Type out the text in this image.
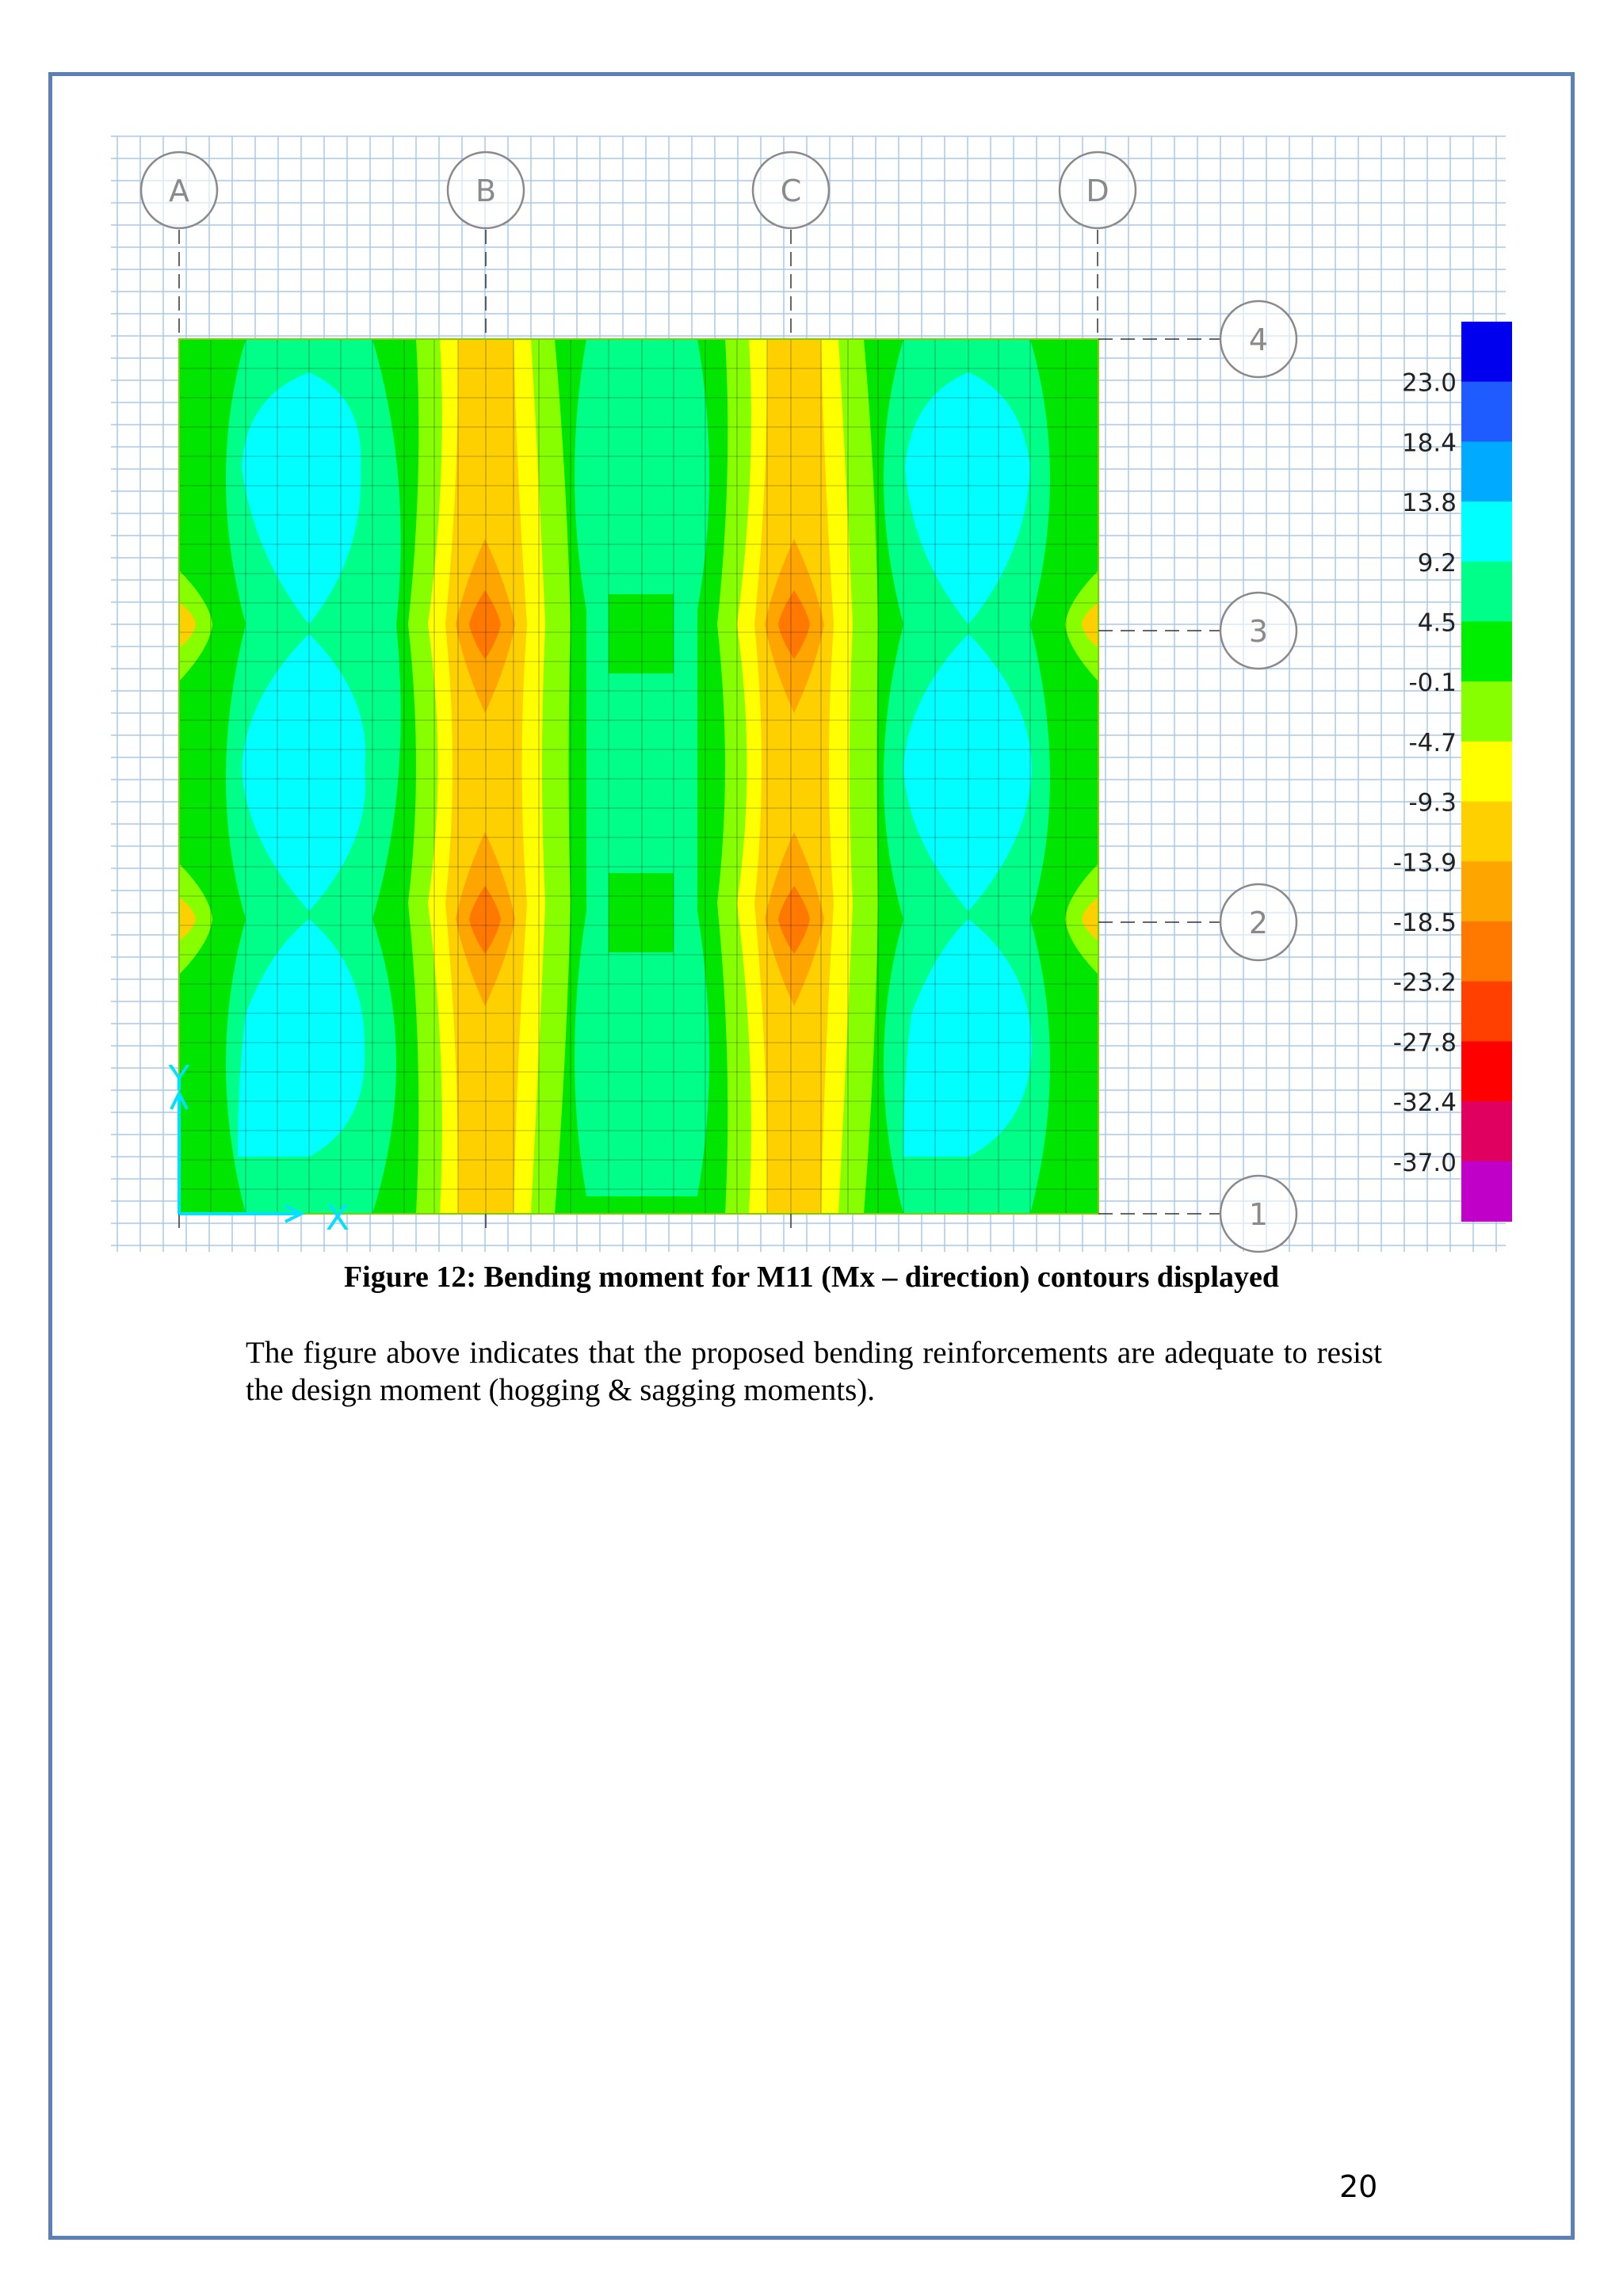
A	B	C	D
4
3
2
1
Y
X
23.0
18.4
13.8
9.2
4.5
-0.1
-4.7
-9.3
-13.9
-18.5
-23.2
-27.8
-32.4
-37.0
Figure 12: Bending moment for M11 (Mx – direction) contours displayed
The figure above indicates that the proposed bending reinforcements are adequate to resist the design moment (hogging & sagging moments).
20
